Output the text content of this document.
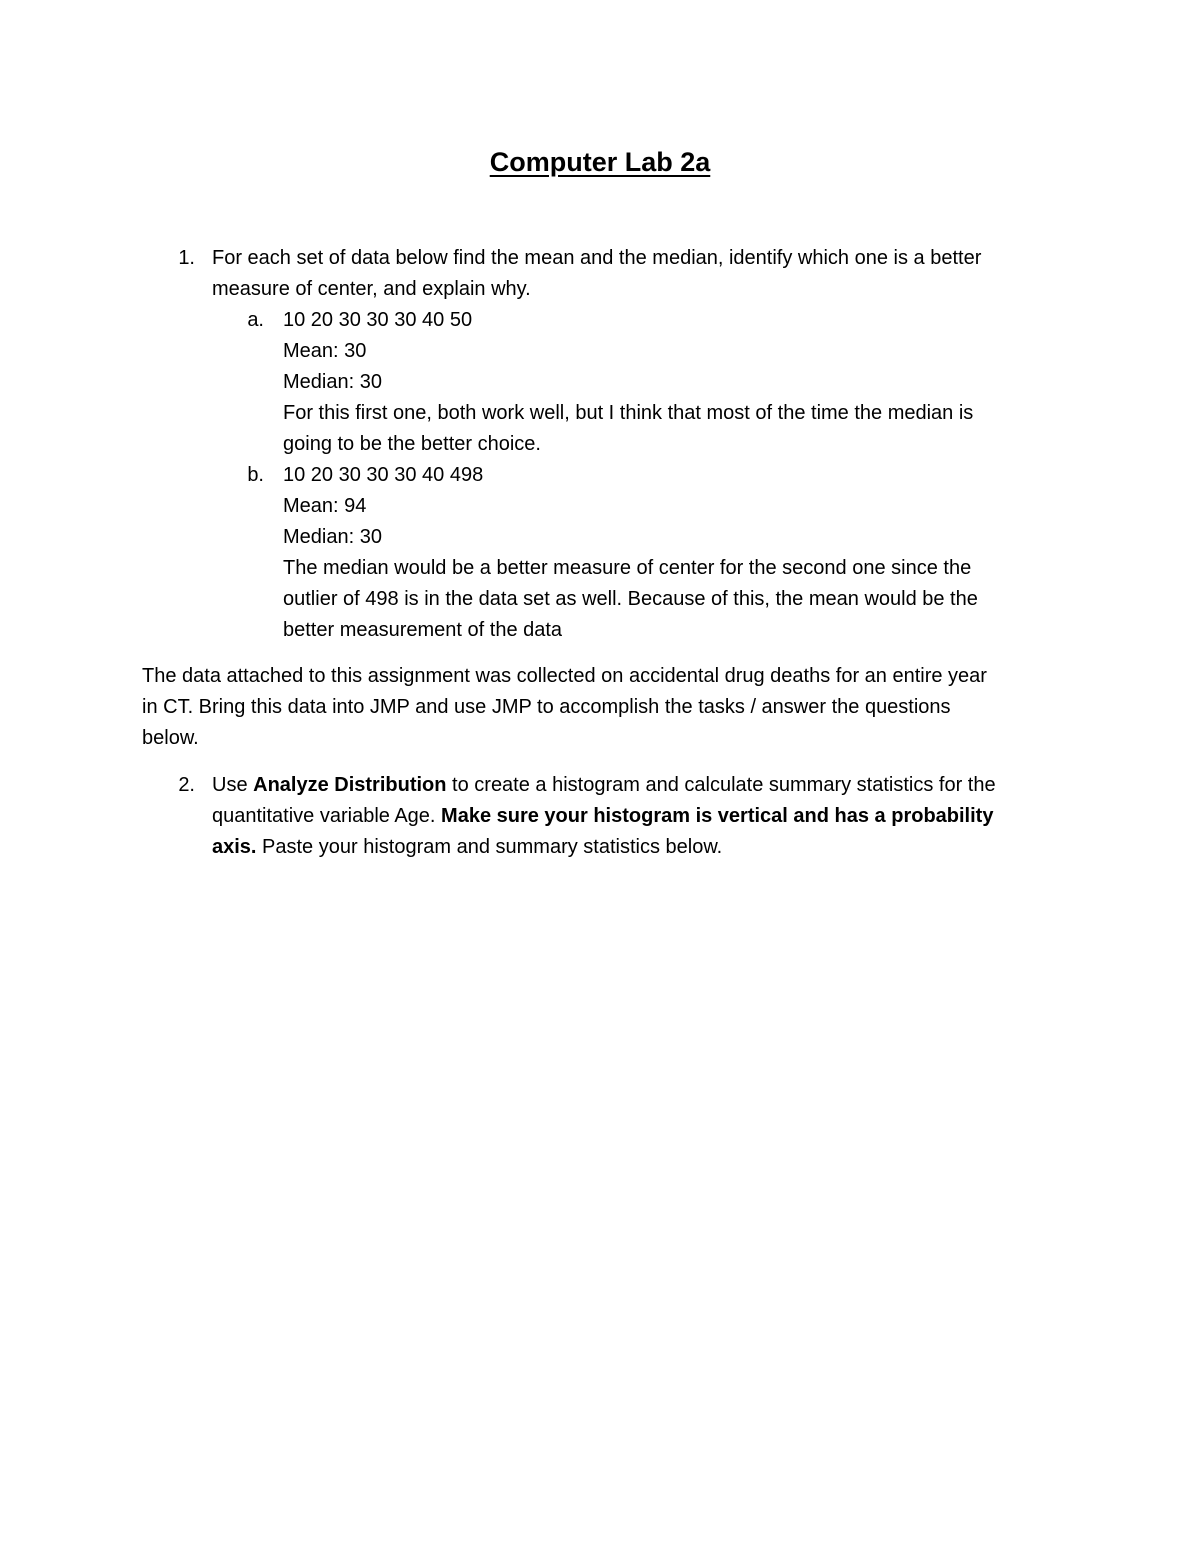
Computer Lab 2a
1. For each set of data below find the mean and the median, identify which one is a better
measure of center, and explain why.
a. 10 20 30 30 30 40 50
Mean: 30
Median: 30
For this first one, both work well, but I think that most of the time the median is
going to be the better choice.
b. 10 20 30 30 30 40 498
Mean: 94
Median: 30
The median would be a better measure of center for the second one since the
outlier of 498 is in the data set as well. Because of this, the mean would be the
better measurement of the data
The data attached to this assignment was collected on accidental drug deaths for an entire year
in CT. Bring this data into JMP and use JMP to accomplish the tasks / answer the questions
below.
2. Use Analyze Distribution to create a histogram and calculate summary statistics for the
quantitative variable Age. Make sure your histogram is vertical and has a probability
axis. Paste your histogram and summary statistics below.
